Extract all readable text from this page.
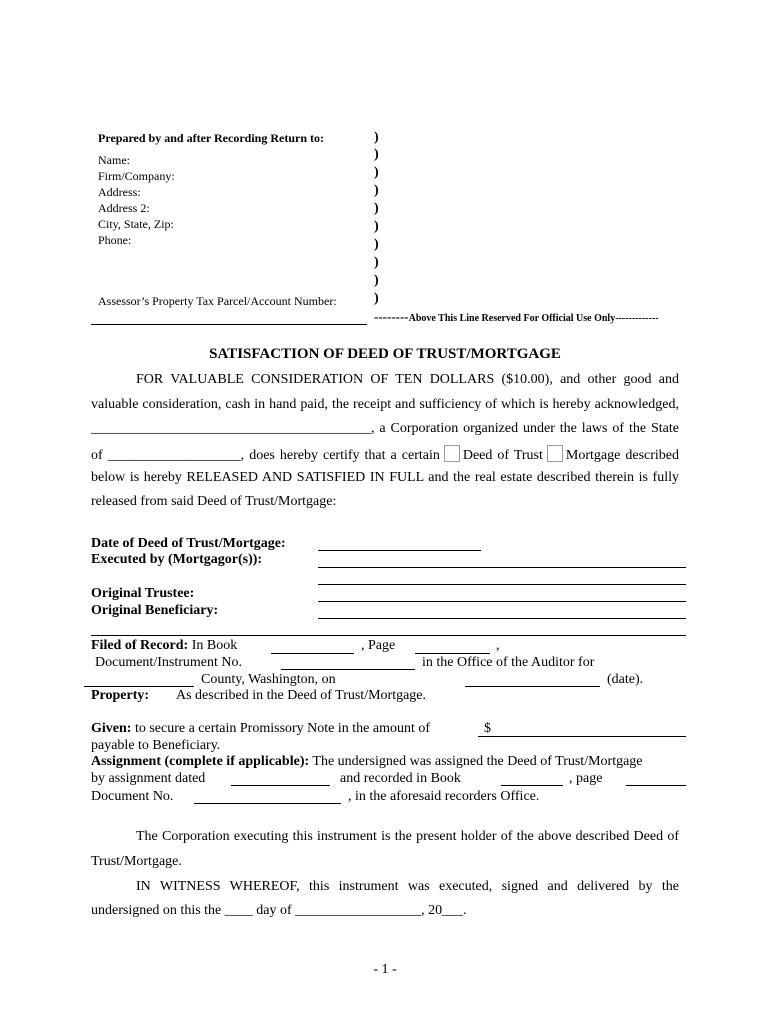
Prepared by and after Recording Return to:
Name:
Firm/Company:
Address:
Address 2:
City, State, Zip:
Phone:
Assessor’s Property Tax Parcel/Account Number:
)
)
)
)
)
)
)
)
)
)
--------Above This Line Reserved For Official Use Only-------------
SATISFACTION OF DEED OF TRUST/MORTGAGE
FOR VALUABLE CONSIDERATION OF TEN DOLLARS ($10.00), and other good and
valuable consideration, cash in hand paid, the receipt and sufficiency of which is hereby acknowledged,
________________________________________, a Corporation organized under the laws of the State
of ___________________, does hereby certify that a certain Deed of Trust Mortgage described
below is hereby RELEASED AND SATISFIED IN FULL and the real estate described therein is fully
released from said Deed of Trust/Mortgage:
Date of Deed of Trust/Mortgage:
Executed by (Mortgagor(s)):
Original Trustee:
Original Beneficiary:
Filed of Record: In Book	, Page	,
Document/Instrument No.	in the Office of the Auditor for
County, Washington, on	(date).
Property: As described in the Deed of Trust/Mortgage.
Given: to secure a certain Promissory Note in the amount of	$
payable to Beneficiary.
Assignment (complete if applicable): The undersigned was assigned the Deed of Trust/Mortgage
by assignment dated	and recorded in Book	, page
Document No.	, in the aforesaid recorders Office.
The Corporation executing this instrument is the present holder of the above described Deed of
Trust/Mortgage.
IN WITNESS WHEREOF, this instrument was executed, signed and delivered by the
undersigned on this the ____ day of __________________, 20___.
- 1 -
